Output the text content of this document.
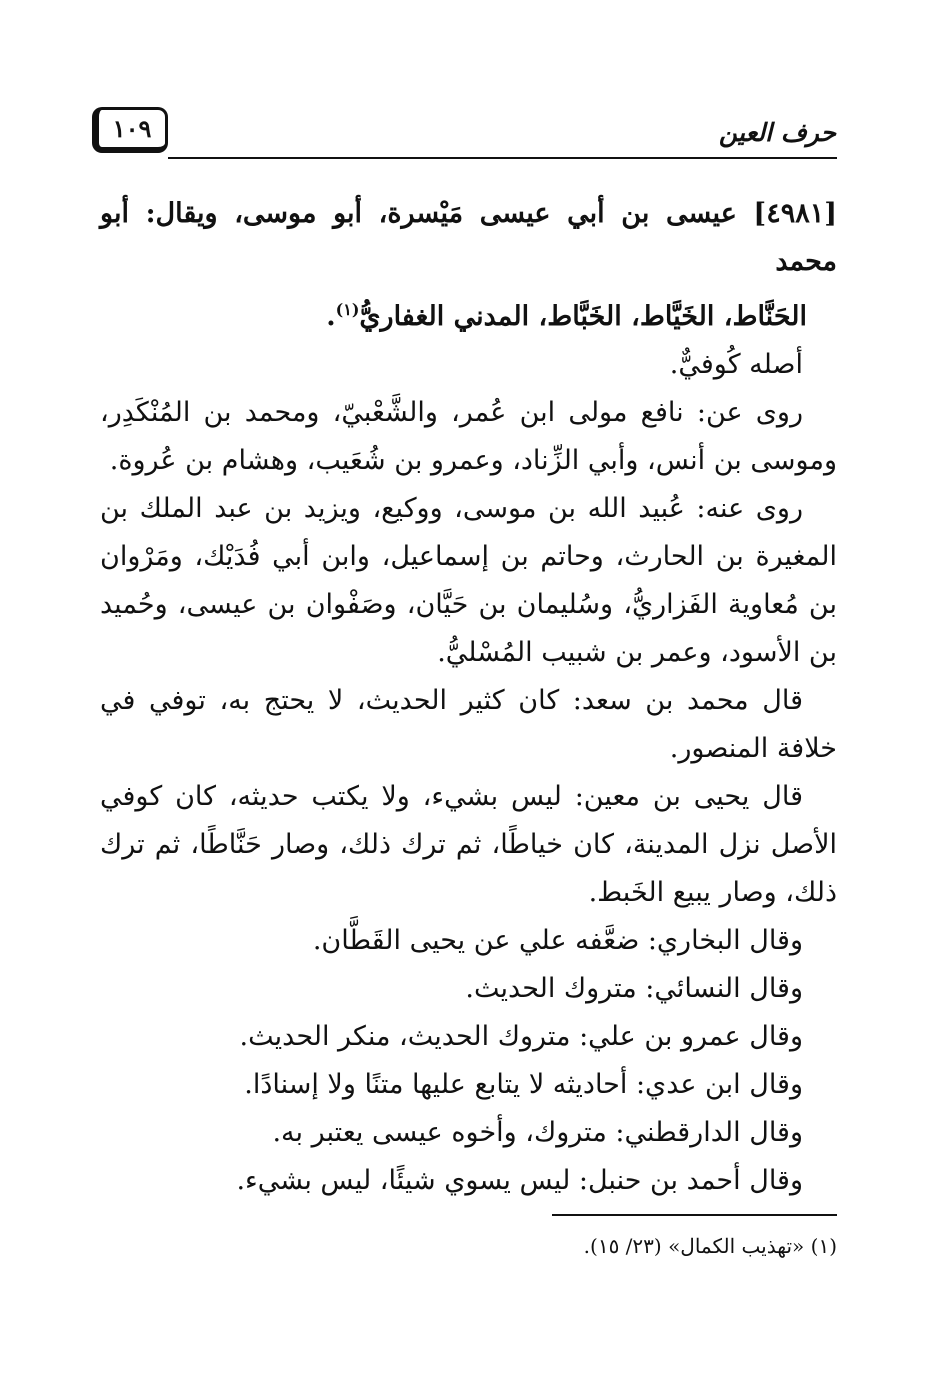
١٠٩	حرف العين

[٤٩٨١] عيسى بن أبي عيسى مَيْسرة، أبو موسى، ويقال: أبو محمد
الحَنَّاط، الخَيَّاط، الخَبَّاط، المدني الغفاريُّ$^{(١)}$.

أصله كُوفيٌّ.

روى عن: نافع مولى ابن عُمر، والشَّعْبيّ، ومحمد بن المُنْكَدِر، وموسى بن أنس، وأبي الزِّناد، وعمرو بن شُعَيب، وهشام بن عُروة.

روى عنه: عُبيد الله بن موسى، ووكيع، ويزيد بن عبد الملك بن المغيرة بن الحارث، وحاتم بن إسماعيل، وابن أبي فُدَيْك، ومَرْوان بن مُعاوية الفَزاريُّ، وسُليمان بن حَيَّان، وصَفْوان بن عيسى، وحُميد بن الأسود، وعمر بن شبيب المُسْليُّ.

قال محمد بن سعد: كان كثير الحديث، لا يحتج به، توفي في خلافة المنصور.

قال يحيى بن معين: ليس بشيء، ولا يكتب حديثه، كان كوفي الأصل نزل المدينة، كان خياطًا، ثم ترك ذلك، وصار حَنَّاطًا، ثم ترك ذلك، وصار يبيع الخَبط.

وقال البخاري: ضعَّفه علي عن يحيى القَطَّان.

وقال النسائي: متروك الحديث.

وقال عمرو بن علي: متروك الحديث، منكر الحديث.

وقال ابن عدي: أحاديثه لا يتابع عليها متنًا ولا إسنادًا.

وقال الدارقطني: متروك، وأخوه عيسى يعتبر به.

وقال أحمد بن حنبل: ليس يسوي شيئًا، ليس بشيء.

(١) «تهذيب الكمال» (٢٣/ ١٥).
